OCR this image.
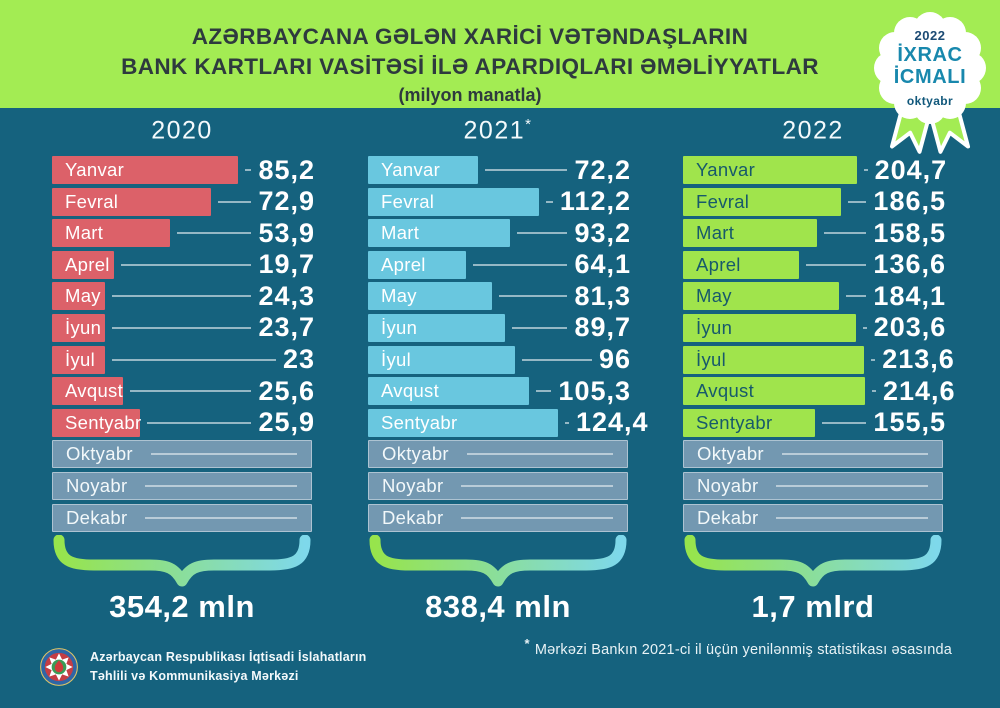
AZƏRBAYCANA GƏLƏN XARİCİ VƏTƏNDAŞLARIN
BANK KARTLARI VASİTƏSİ İLƏ APARDIQLARI ƏMƏLİYYATLAR
(milyon manatla)
2022
İXRAC
İCMALI
oktyabr
2020
Yanvar	85,2
Fevral	72,9
Mart	53,9
Aprel	19,7
May	24,3
İyun	23,7
İyul	23
Avqust	25,6
Sentyabr	25,9
Oktyabr
Noyabr
Dekabr
354,2 mln
2021*
Yanvar	72,2
Fevral	112,2
Mart	93,2
Aprel	64,1
May	81,3
İyun	89,7
İyul	96
Avqust	105,3
Sentyabr	124,4
Oktyabr
Noyabr
Dekabr
838,4 mln
2022
Yanvar	204,7
Fevral	186,5
Mart	158,5
Aprel	136,6
May	184,1
İyun	203,6
İyul	213,6
Avqust	214,6
Sentyabr	155,5
Oktyabr
Noyabr
Dekabr
1,7 mlrd
* Mərkəzi Bankın 2021-ci il üçün yenilənmiş statistikası əsasında
Azərbaycan Respublikası İqtisadi İslahatların
Təhlili və Kommunikasiya Mərkəzi
